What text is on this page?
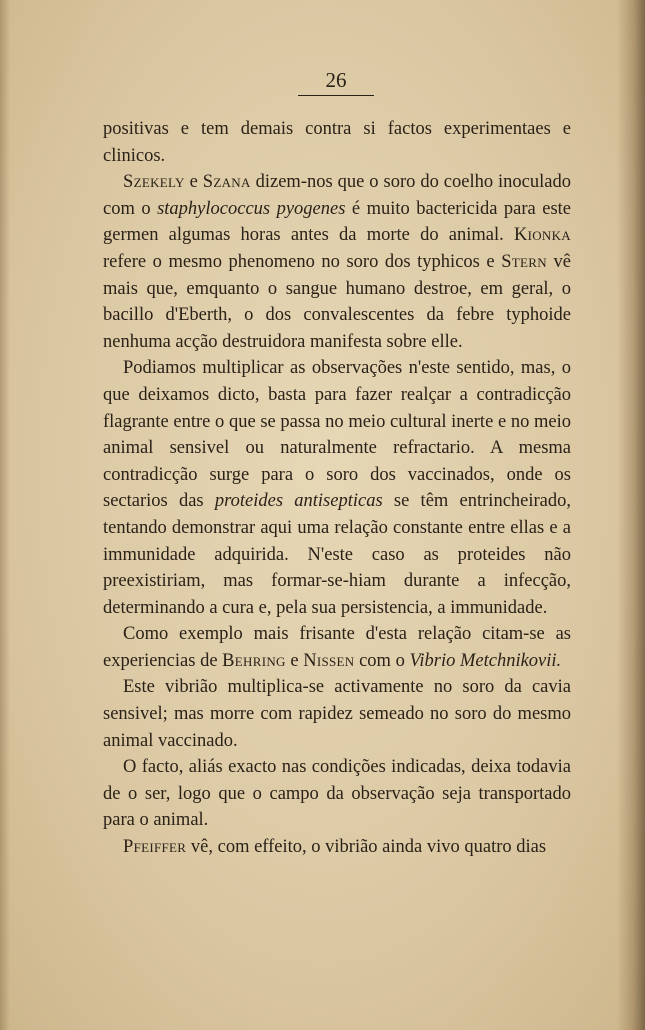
26

positivas e tem demais contra si factos experimentaes e clinicos.

Szekely e Szana dizem-nos que o soro do coelho inoculado com o staphylococcus pyogenes é muito bactericida para este germen algumas horas antes da morte do animal. Kionka refere o mesmo phenomeno no soro dos typhicos e Stern vê mais que, emquanto o sangue humano destroe, em geral, o bacillo d'Eberth, o dos convalescentes da febre typhoide nenhuma acção destruidora manifesta sobre elle.

Podiamos multiplicar as observações n'este sentido, mas, o que deixamos dicto, basta para fazer realçar a contradicção flagrante entre o que se passa no meio cultural inerte e no meio animal sensivel ou naturalmente refractario. A mesma contradicção surge para o soro dos vaccinados, onde os sectarios das proteides antisepticas se têm entrincheirado, tentando demonstrar aqui uma relação constante entre ellas e a immunidade adquirida. N'este caso as proteides não preexistiriam, mas formar-se-hiam durante a infecção, determinando a cura e, pela sua persistencia, a immunidade.

Como exemplo mais frisante d'esta relação citam-se as experiencias de Behring e Nissen com o Vibrio Metchnikovii.

Este vibrião multiplica-se activamente no soro da cavia sensivel; mas morre com rapidez semeado no soro do mesmo animal vaccinado.

O facto, aliás exacto nas condições indicadas, deixa todavia de o ser, logo que o campo da observação seja transportado para o animal.

Pfeiffer vê, com effeito, o vibrião ainda vivo quatro dias
